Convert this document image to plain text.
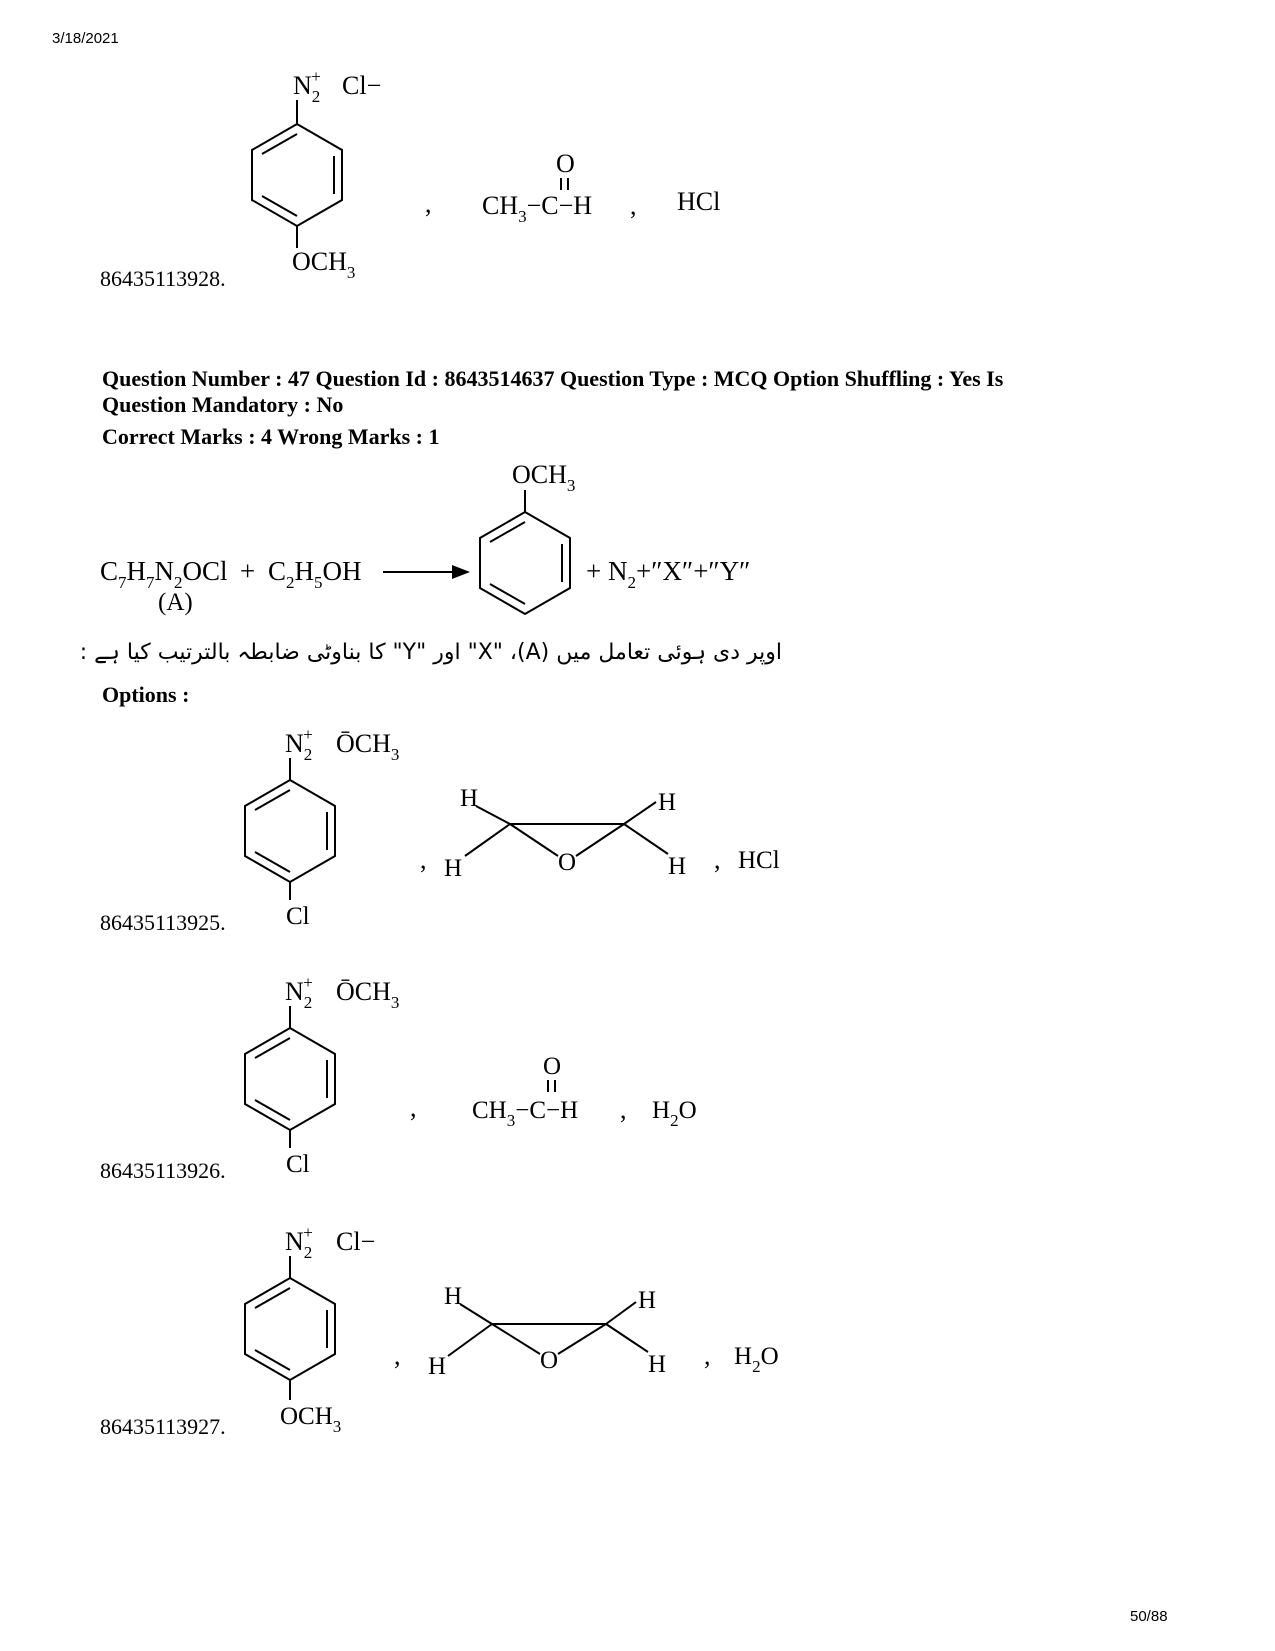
3/18/2021
86435113928.
$N_2+ Cl-$
$OCH_3$
,
O
$CH_3-C-H$ , HCl
Question Number : 47 Question Id : 8643514637 Question Type : MCQ Option Shuffling : Yes Is
Question Mandatory : No
Correct Marks : 4 Wrong Marks : 1
$C_7H_7N_2OCl + C_2H_5OH$
(A)
$OCH_3$
+ $N_2+''X''+''Y''$
اوپر دی ہوئی تعامل میں (A)، "X" اور "Y" کا بناوٹی ضابطہ بالترتیب کیا ہے :
Options :
86435113925.
$N_2+$ $ŌCH_3$
Cl
,
H	H
H	H
O	, HCl
86435113926.
$N_2+$ $ŌCH_3$
Cl
,
O
$CH_3-C-H$ , $H_2O$
86435113927.
$N_2+ Cl-$
$OCH_3$
,
H	H
H	H
O	, $H_2O$
50/88
